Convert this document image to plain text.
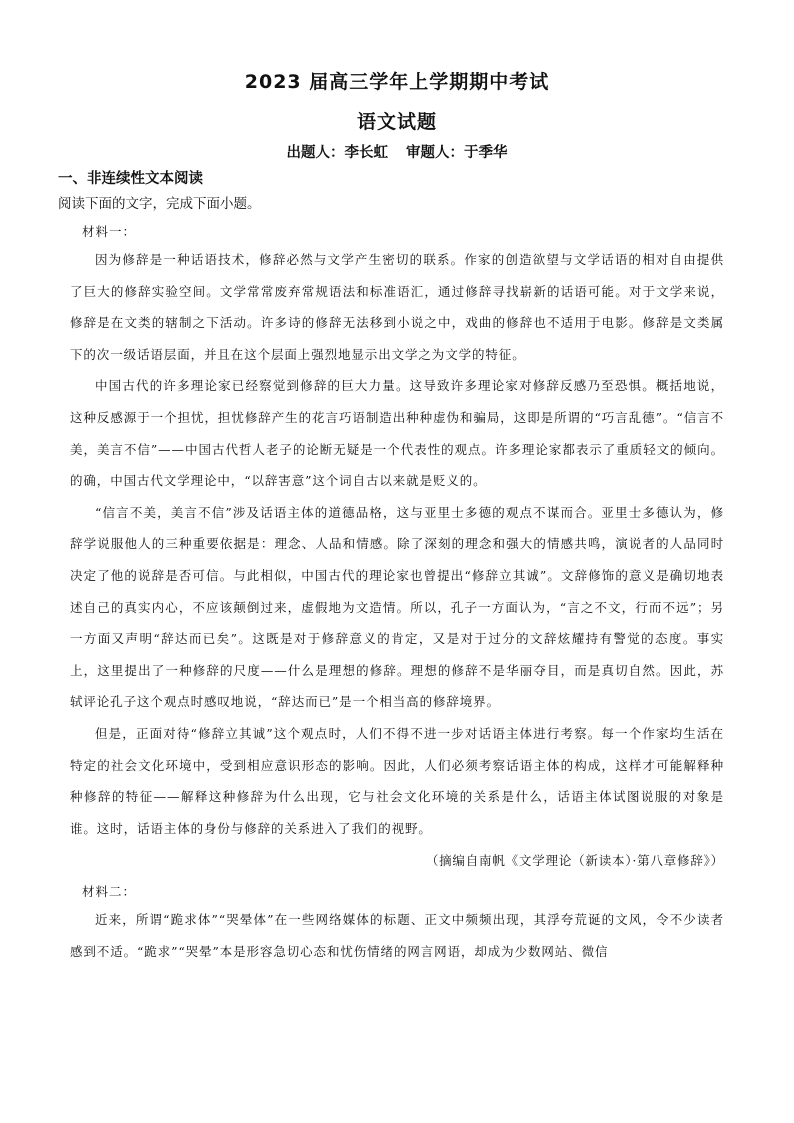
2023 届高三学年上学期期中考试
语文试题
出题人：李长虹 审题人：于季华
一、非连续性文本阅读
阅读下面的文字，完成下面小题。
材料一：

因为修辞是一种话语技术，修辞必然与文学产生密切的联系。作家的创造欲望与文学话语的相对自由提供了巨大的修辞实验空间。文学常常废弃常规语法和标准语汇，通过修辞寻找崭新的话语可能。对于文学来说，修辞是在文类的辖制之下活动。许多诗的修辞无法移到小说之中，戏曲的修辞也不适用于电影。修辞是文类属下的次一级话语层面，并且在这个层面上强烈地显示出文学之为文学的特征。

中国古代的许多理论家已经察觉到修辞的巨大力量。这导致许多理论家对修辞反感乃至恐惧。概括地说，这种反感源于一个担忧，担忧修辞产生的花言巧语制造出种种虚伪和骗局，这即是所谓的“巧言乱德”。“信言不美，美言不信”——中国古代哲人老子的论断无疑是一个代表性的观点。许多理论家都表示了重质轻文的倾向。的确，中国古代文学理论中，“以辞害意”这个词自古以来就是贬义的。

“信言不美，美言不信”涉及话语主体的道德品格，这与亚里士多德的观点不谋而合。亚里士多德认为，修辞学说服他人的三种重要依据是：理念、人品和情感。除了深刻的理念和强大的情感共鸣，演说者的人品同时决定了他的说辞是否可信。与此相似，中国古代的理论家也曾提出“修辞立其诚”。文辞修饰的意义是确切地表述自己的真实内心，不应该颠倒过来，虚假地为文造情。所以，孔子一方面认为，“言之不文，行而不远”；另一方面又声明“辞达而已矣”。这既是对于修辞意义的肯定，又是对于过分的文辞炫耀持有警觉的态度。事实上，这里提出了一种修辞的尺度——什么是理想的修辞。理想的修辞不是华丽夺目，而是真切自然。因此，苏轼评论孔子这个观点时感叹地说，“辞达而已”是一个相当高的修辞境界。

但是，正面对待“修辞立其诚”这个观点时，人们不得不进一步对话语主体进行考察。每一个作家均生活在特定的社会文化环境中，受到相应意识形态的影响。因此，人们必须考察话语主体的构成，这样才可能解释种种修辞的特征——解释这种修辞为什么出现，它与社会文化环境的关系是什么，话语主体试图说服的对象是谁。这时，话语主体的身份与修辞的关系进入了我们的视野。

（摘编自南帆《文学理论（新读本）·第八章修辞》）
材料二：

近来，所谓“跪求体”“哭晕体”在一些网络媒体的标题、正文中频频出现，其浮夸荒诞的文风，令不少读者感到不适。“跪求”“哭晕”本是形容急切心态和忧伤情绪的网言网语，却成为少数网站、微信
